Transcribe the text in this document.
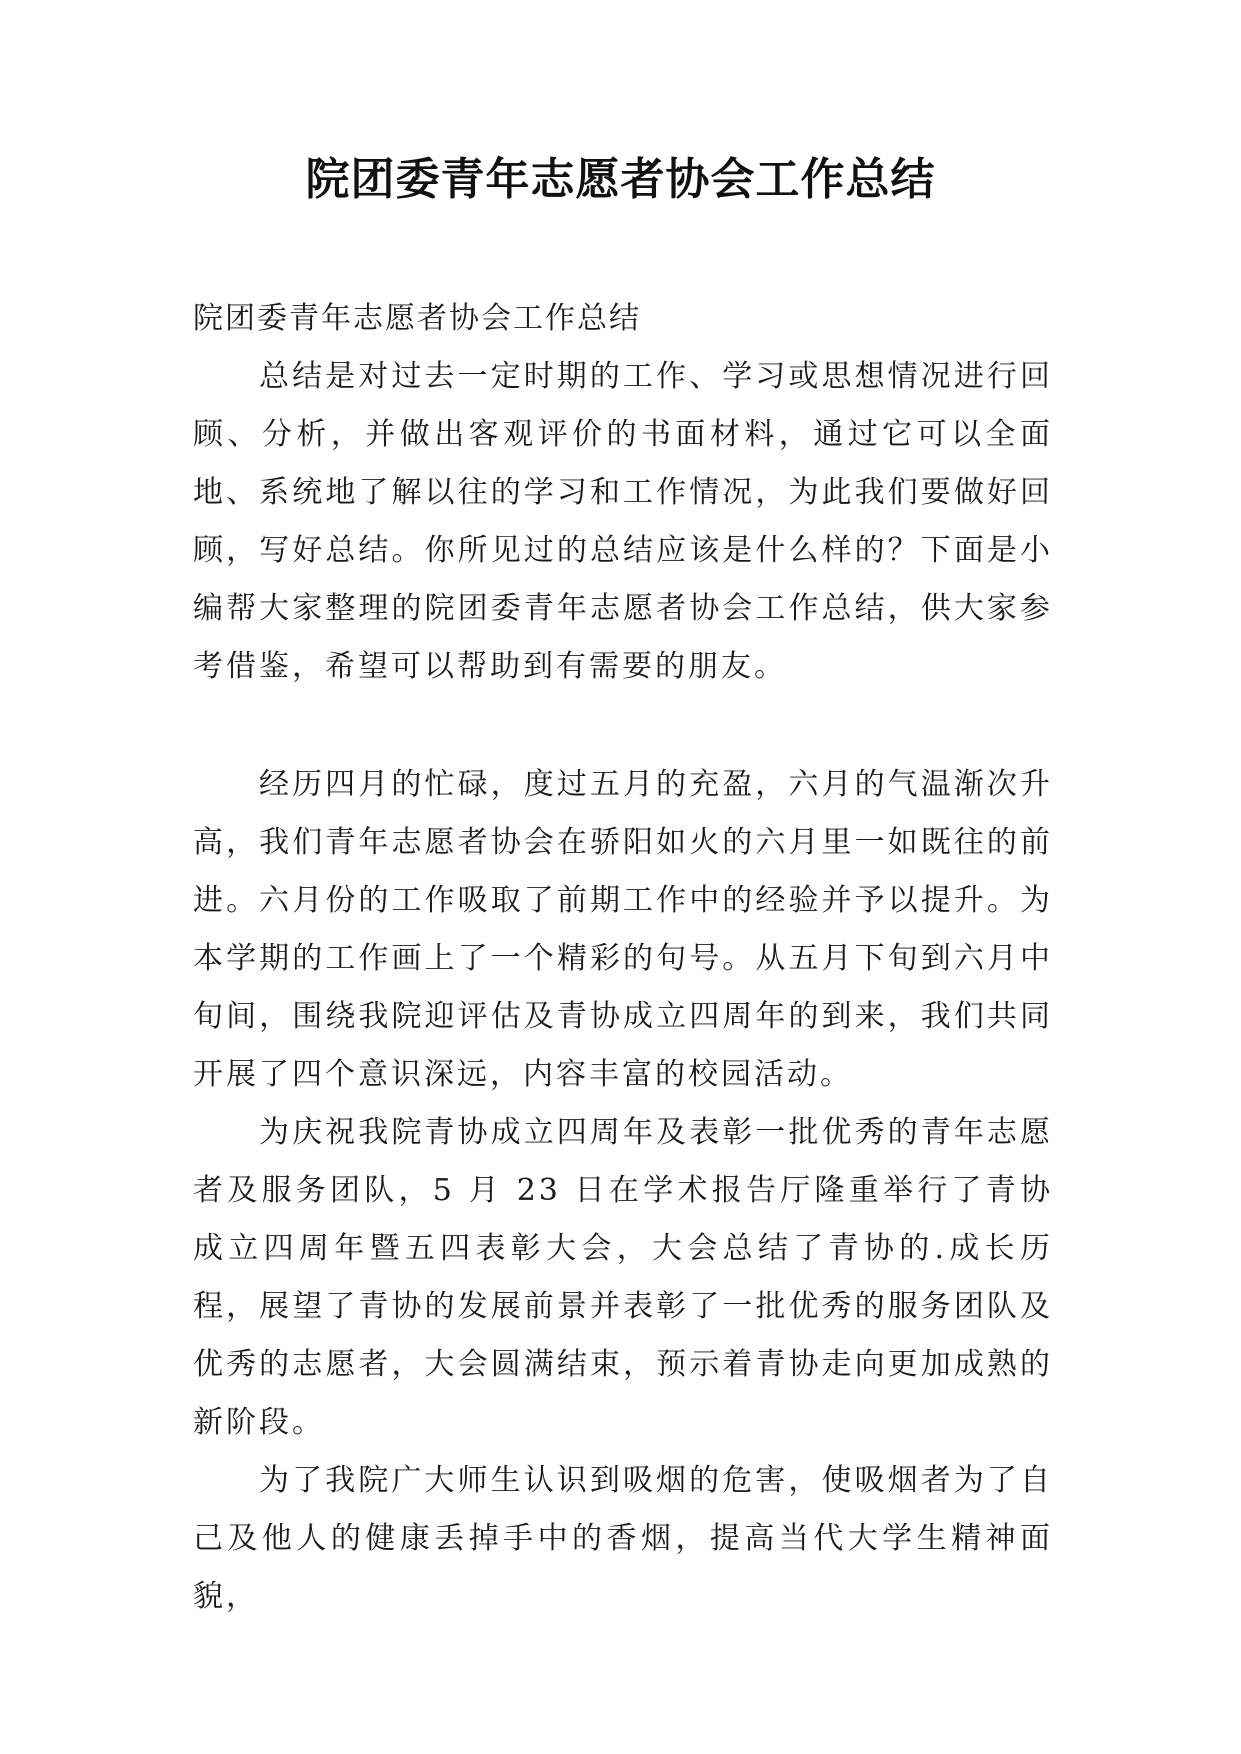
院团委青年志愿者协会工作总结

院团委青年志愿者协会工作总结

总结是对过去一定时期的工作、学习或思想情况进行回顾、分析，并做出客观评价的书面材料，通过它可以全面地、系统地了解以往的学习和工作情况，为此我们要做好回顾，写好总结。你所见过的总结应该是什么样的？下面是小编帮大家整理的院团委青年志愿者协会工作总结，供大家参考借鉴，希望可以帮助到有需要的朋友。

经历四月的忙碌，度过五月的充盈，六月的气温渐次升高，我们青年志愿者协会在骄阳如火的六月里一如既往的前进。六月份的工作吸取了前期工作中的经验并予以提升。为本学期的工作画上了一个精彩的句号。从五月下旬到六月中旬间，围绕我院迎评估及青协成立四周年的到来，我们共同开展了四个意识深远，内容丰富的校园活动。

为庆祝我院青协成立四周年及表彰一批优秀的青年志愿者及服务团队，5 月 23 日在学术报告厅隆重举行了青协成立四周年暨五四表彰大会，大会总结了青协的.成长历程，展望了青协的发展前景并表彰了一批优秀的服务团队及优秀的志愿者，大会圆满结束，预示着青协走向更加成熟的新阶段。

为了我院广大师生认识到吸烟的危害，使吸烟者为了自己及他人的健康丢掉手中的香烟，提高当代大学生精神面貌，
